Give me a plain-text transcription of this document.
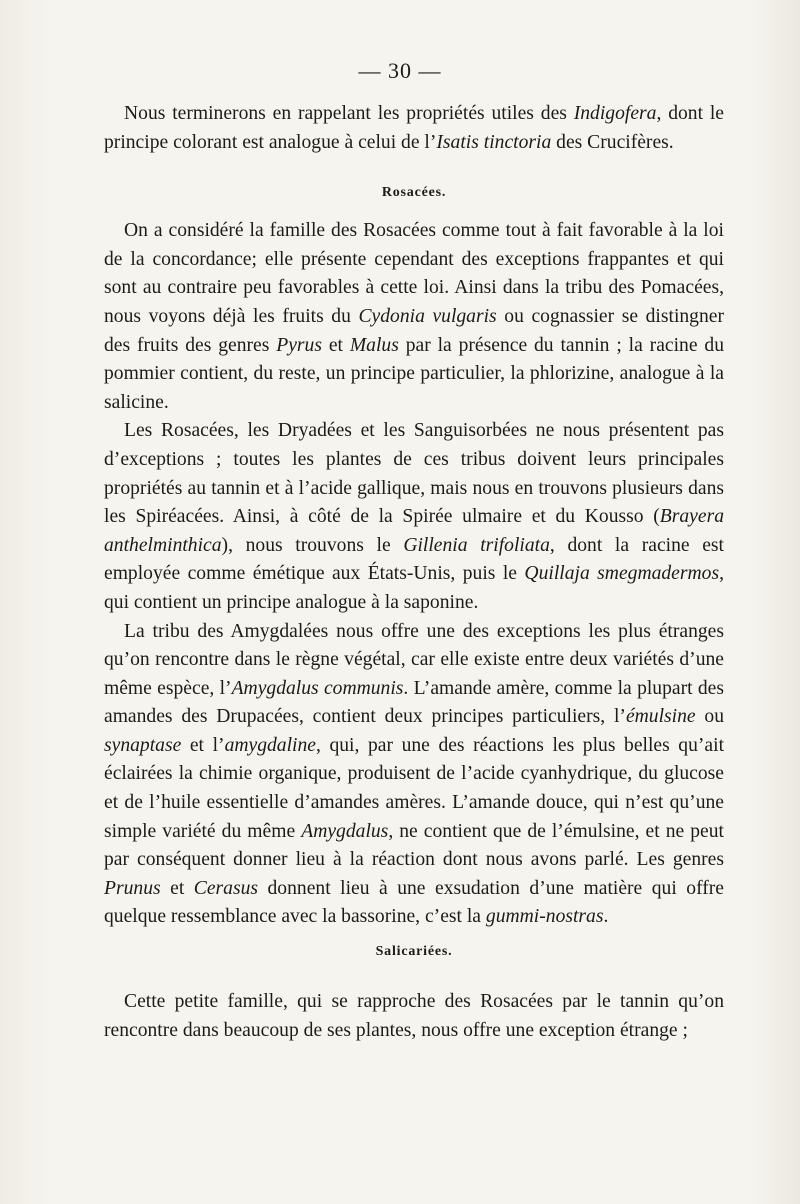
— 30 —

Nous terminerons en rappelant les propriétés utiles des Indigofera, dont le principe colorant est analogue à celui de l’Isatis tinctoria des Crucifères.

Rosacées.

On a considéré la famille des Rosacées comme tout à fait favorable à la loi de la concordance; elle présente cependant des exceptions frappantes et qui sont au contraire peu favorables à cette loi. Ainsi dans la tribu des Pomacées, nous voyons déjà les fruits du Cydonia vulgaris ou cognassier se distingner des fruits des genres Pyrus et Malus par la présence du tannin ; la racine du pommier contient, du reste, un principe particulier, la phlorizine, analogue à la salicine.

Les Rosacées, les Dryadées et les Sanguisorbées ne nous présentent pas d’exceptions ; toutes les plantes de ces tribus doivent leurs principales propriétés au tannin et à l’acide gallique, mais nous en trouvons plusieurs dans les Spiréacées. Ainsi, à côté de la Spirée ulmaire et du Kousso (Brayera anthelminthica), nous trouvons le Gillenia trifoliata, dont la racine est employée comme émétique aux États-Unis, puis le Quillaja smegmadermos, qui contient un principe analogue à la saponine.

La tribu des Amygdalées nous offre une des exceptions les plus étranges qu’on rencontre dans le règne végétal, car elle existe entre deux variétés d’une même espèce, l’Amygdalus communis. L’amande amère, comme la plupart des amandes des Drupacées, contient deux principes particuliers, l’émulsine ou synaptase et l’amygdaline, qui, par une des réactions les plus belles qu’ait éclairées la chimie organique, produisent de l’acide cyanhydrique, du glucose et de l’huile essentielle d’amandes amères. L’amande douce, qui n’est qu’une simple variété du même Amygdalus, ne contient que de l’émulsine, et ne peut par conséquent donner lieu à la réaction dont nous avons parlé. Les genres Prunus et Cerasus donnent lieu à une exsudation d’une matière qui offre quelque ressemblance avec la bassorine, c’est la gummi-nostras.

Salicariées.

Cette petite famille, qui se rapproche des Rosacées par le tannin qu’on rencontre dans beaucoup de ses plantes, nous offre une exception étrange ;
